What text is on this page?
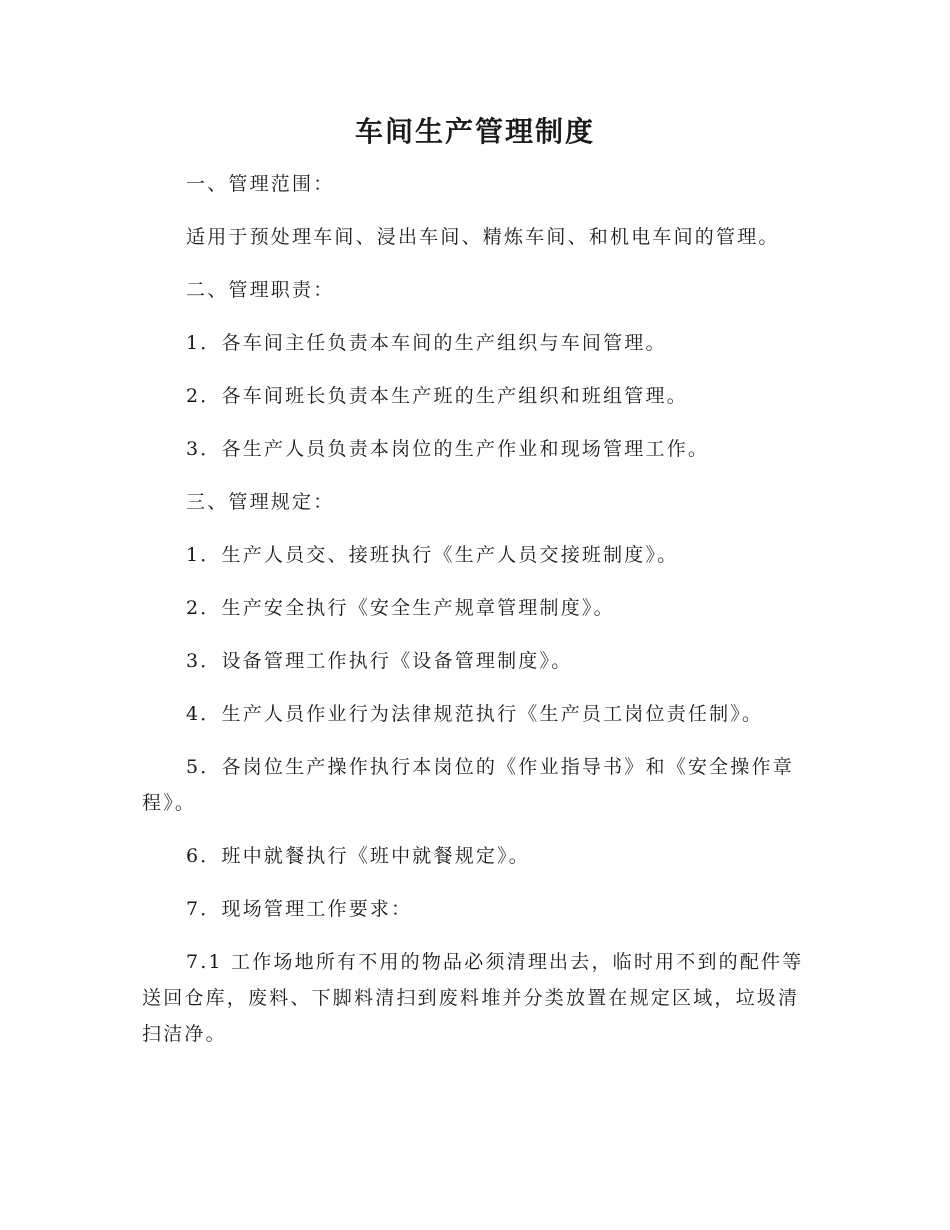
车间生产管理制度

一、管理范围：

适用于预处理车间、浸出车间、精炼车间、和机电车间的管理。

二、管理职责：

1．各车间主任负责本车间的生产组织与车间管理。

2．各车间班长负责本生产班的生产组织和班组管理。

3．各生产人员负责本岗位的生产作业和现场管理工作。

三、管理规定：

1．生产人员交、接班执行《生产人员交接班制度》。

2．生产安全执行《安全生产规章管理制度》。

3．设备管理工作执行《设备管理制度》。

4．生产人员作业行为法律规范执行《生产员工岗位责任制》。

5．各岗位生产操作执行本岗位的《作业指导书》和《安全操作章程》。

6．班中就餐执行《班中就餐规定》。

7．现场管理工作要求：

7.1 工作场地所有不用的物品必须清理出去，临时用不到的配件等送回仓库，废料、下脚料清扫到废料堆并分类放置在规定区域，垃圾清扫洁净。
